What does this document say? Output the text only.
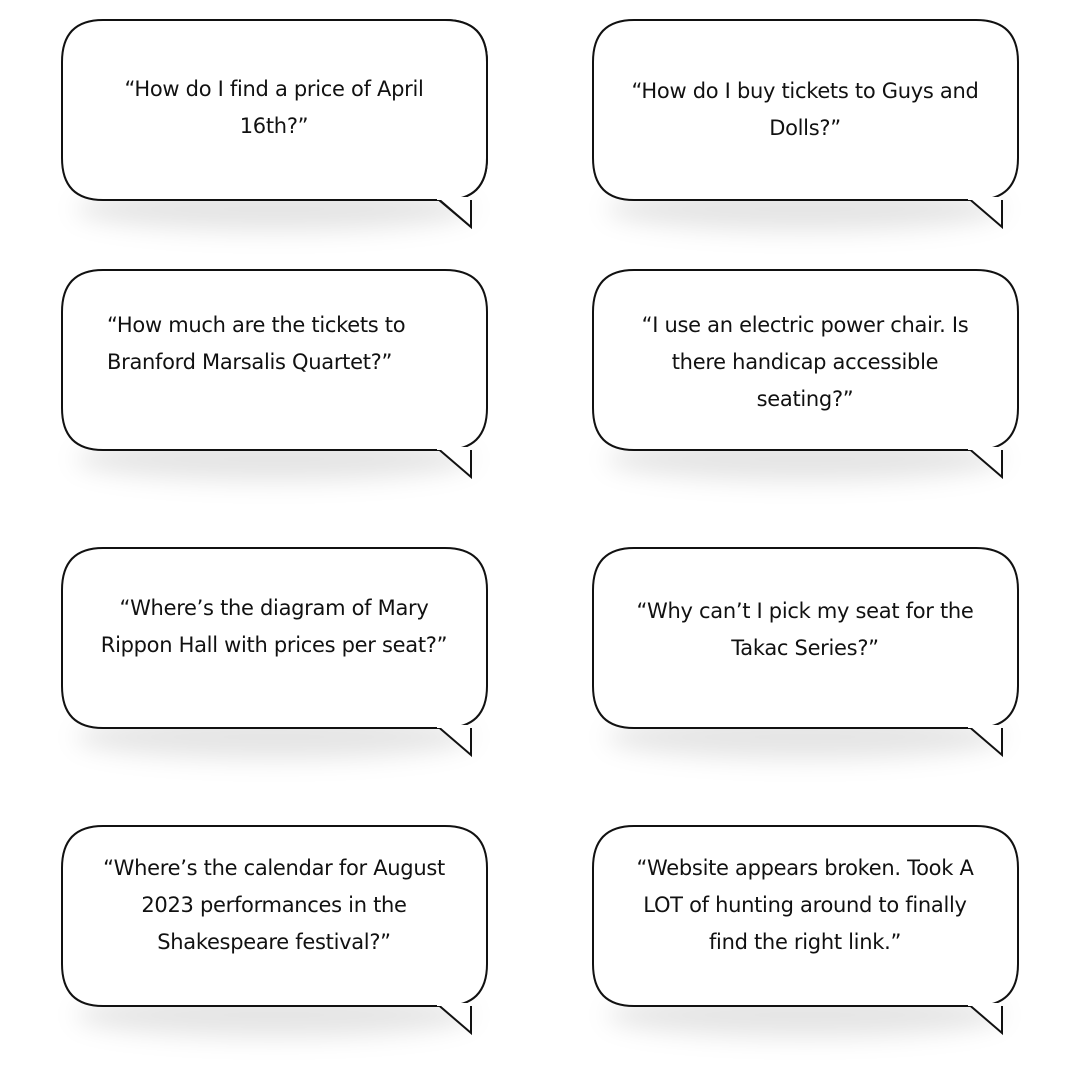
“How do I find a price of April 16th?”
“How do I buy tickets to Guys and Dolls?”
“How much are the tickets to Branford Marsalis Quartet?”
“I use an electric power chair. Is there handicap accessible seating?”
“Where’s the diagram of Mary Rippon Hall with prices per seat?”
“Why can’t I pick my seat for the Takac Series?”
“Where’s the calendar for August 2023 performances in the Shakespeare festival?”
“Website appears broken. Took A LOT of hunting around to finally find the right link.”
